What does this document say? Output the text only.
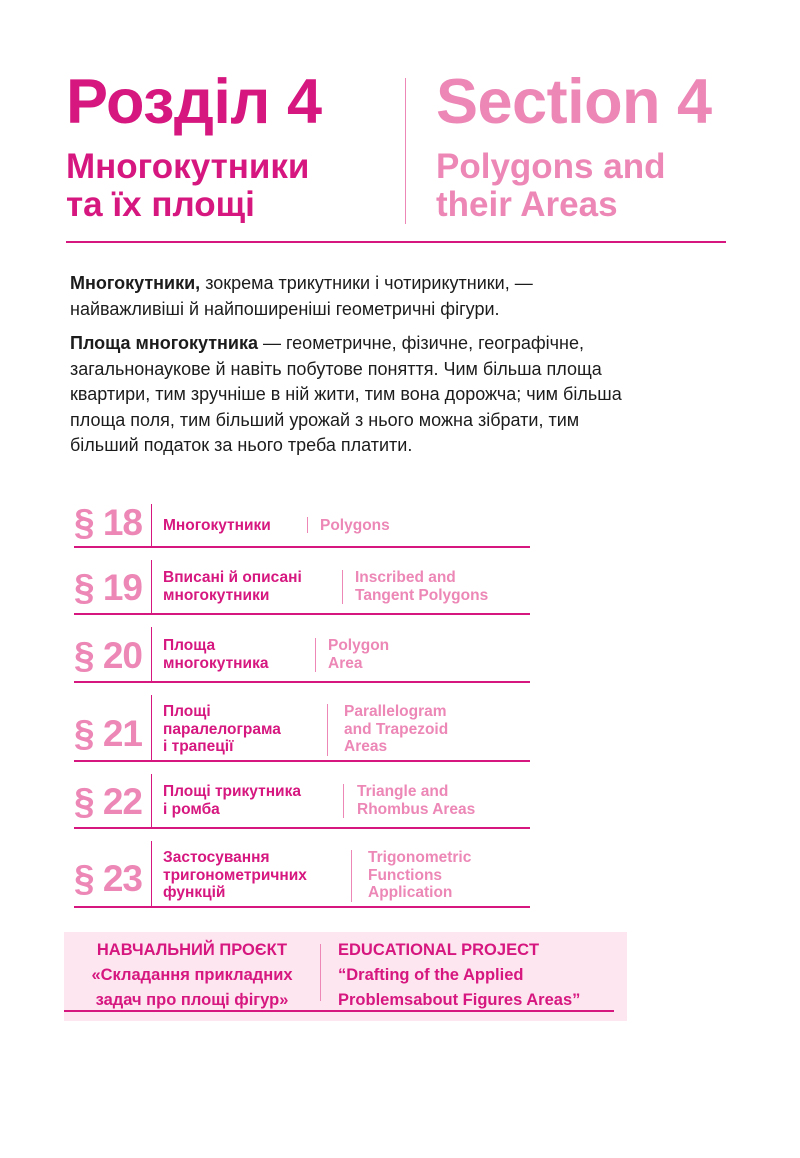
Розділ 4
Многокутники
та їх площі
Section 4
Polygons and
their Areas

Многокутники, зокрема трикутники і чотирикутники, — найважливіші й найпоширеніші геометричні фігури.

Площа многокутника — геометричне, фізичне, географічне, загальнонаукове й навіть побутове поняття. Чим більша площа квартири, тим зручніше в ній жити, тим вона дорожча; чим більша площа поля, тим більший урожай з нього можна зібрати, тим більший податок за нього треба платити.

§ 18 Многокутники	Polygons
§ 19 Вписані й описані
многокутники
Inscribed and
Tangent Polygons
§ 20 Площа
многокутника
Polygon
Area
§ 21
Площі
паралелограма
і трапеції
Parallelogram
and Trapezoid
Areas
§ 22 Площі трикутника
і ромба
Triangle and
Rhombus Areas
§ 23
Застосування
тригонометричних
функцій
Trigonometric
Functions
Application
НАВЧАЛЬНИЙ ПРОЄКТ
«Складання прикладних
задач про площі фігур»
EDUCATIONAL PROJECT
“Drafting of the Applied
Problemsabout Figures Areas”
